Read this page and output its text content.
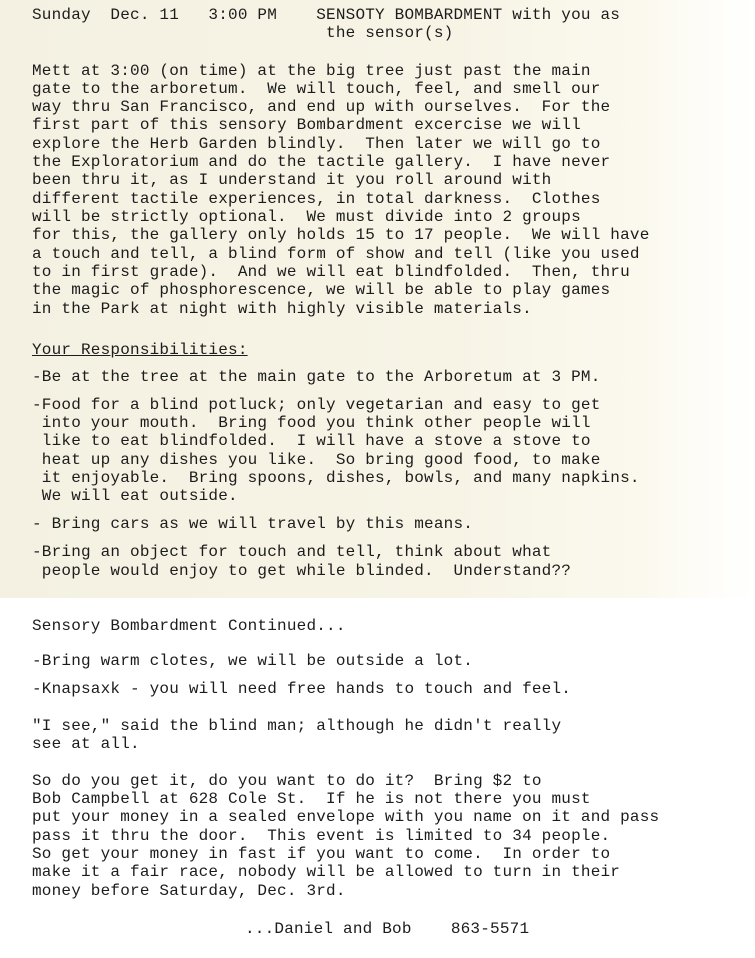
Sunday  Dec. 11   3:00 PM    SENSOTY BOMBARDMENT with you as

the sensor(s)

Mett at 3:00 (on time) at the big tree just past the main

gate to the arboretum.  We will touch, feel, and smell our

way thru San Francisco, and end up with ourselves.  For the

first part of this sensory Bombardment excercise we will

explore the Herb Garden blindly.  Then later we will go to

the Exploratorium and do the tactile gallery.  I have never

been thru it, as I understand it you roll around with

different tactile experiences, in total darkness.  Clothes

will be strictly optional.  We must divide into 2 groups

for this, the gallery only holds 15 to 17 people.  We will have

a touch and tell, a blind form of show and tell (like you used

to in first grade).  And we will eat blindfolded.  Then, thru

the magic of phosphorescence, we will be able to play games

in the Park at night with highly visible materials.

Your Responsibilities:

-Be at the tree at the main gate to the Arboretum at 3 PM.

-Food for a blind potluck; only vegetarian and easy to get

into your mouth.  Bring food you think other people will

like to eat blindfolded.  I will have a stove a stove to

heat up any dishes you like.  So bring good food, to make

it enjoyable.  Bring spoons, dishes, bowls, and many napkins.

We will eat outside.

- Bring cars as we will travel by this means.

-Bring an object for touch and tell, think about what

people would enjoy to get while blinded.  Understand??

Sensory Bombardment Continued...

-Bring warm clotes, we will be outside a lot.

-Knapsaxk - you will need free hands to touch and feel.

"I see," said the blind man; although he didn't really

see at all.

So do you get it, do you want to do it?  Bring $2 to

Bob Campbell at 628 Cole St.  If he is not there you must

put your money in a sealed envelope with you name on it and pass

pass it thru the door.  This event is limited to 34 people.

So get your money in fast if you want to come.  In order to

make it a fair race, nobody will be allowed to turn in their

money before Saturday, Dec. 3rd.

...Daniel and Bob    863-5571
